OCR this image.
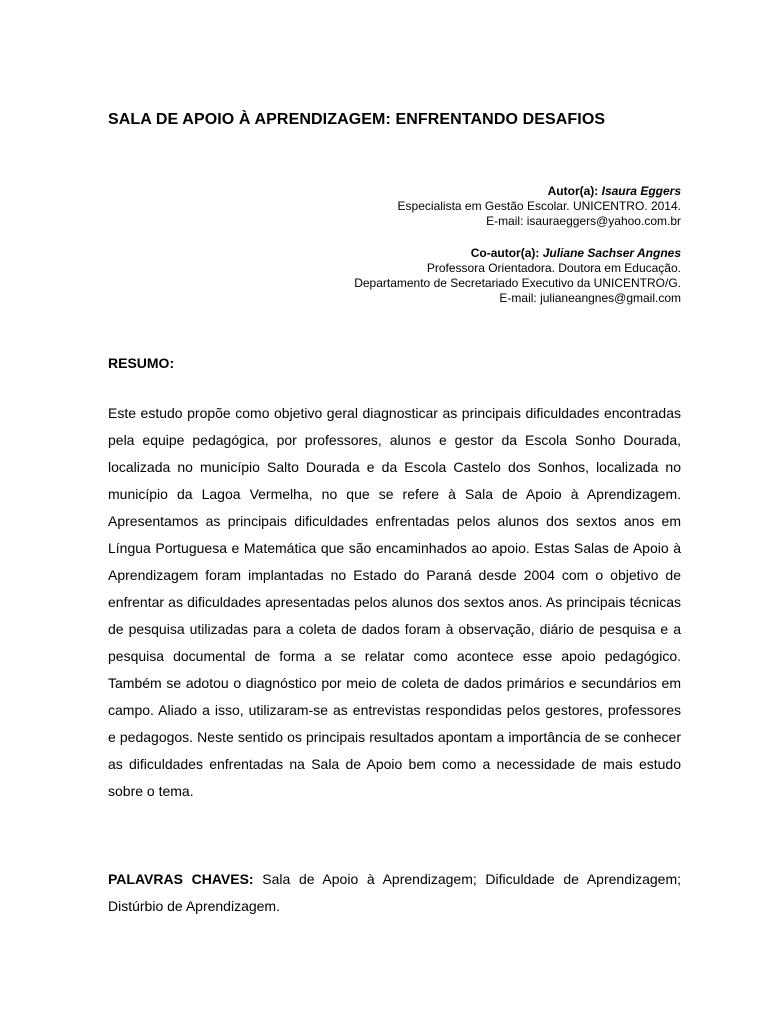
SALA DE APOIO À APRENDIZAGEM: ENFRENTANDO DESAFIOS
Autor(a): Isaura Eggers
Especialista em Gestão Escolar. UNICENTRO. 2014.
E-mail: isauraeggers@yahoo.com.br
Co-autor(a): Juliane Sachser Angnes
Professora Orientadora. Doutora em Educação.
Departamento de Secretariado Executivo da UNICENTRO/G.
E-mail: julianeangnes@gmail.com
RESUMO:

Este estudo propõe como objetivo geral diagnosticar as principais dificuldades encontradas pela equipe pedagógica, por professores, alunos e gestor da Escola Sonho Dourada, localizada no município Salto Dourada e da Escola Castelo dos Sonhos, localizada no município da Lagoa Vermelha, no que se refere à Sala de Apoio à Aprendizagem. Apresentamos as principais dificuldades enfrentadas pelos alunos dos sextos anos em Língua Portuguesa e Matemática que são encaminhados ao apoio. Estas Salas de Apoio à Aprendizagem foram implantadas no Estado do Paraná desde 2004 com o objetivo de enfrentar as dificuldades apresentadas pelos alunos dos sextos anos. As principais técnicas de pesquisa utilizadas para a coleta de dados foram à observação, diário de pesquisa e a pesquisa documental de forma a se relatar como acontece esse apoio pedagógico. Também se adotou o diagnóstico por meio de coleta de dados primários e secundários em campo. Aliado a isso, utilizaram-se as entrevistas respondidas pelos gestores, professores e pedagogos. Neste sentido os principais resultados apontam a importância de se conhecer as dificuldades enfrentadas na Sala de Apoio bem como a necessidade de mais estudo sobre o tema.

PALAVRAS CHAVES: Sala de Apoio à Aprendizagem; Dificuldade de Aprendizagem; Distúrbio de Aprendizagem.
